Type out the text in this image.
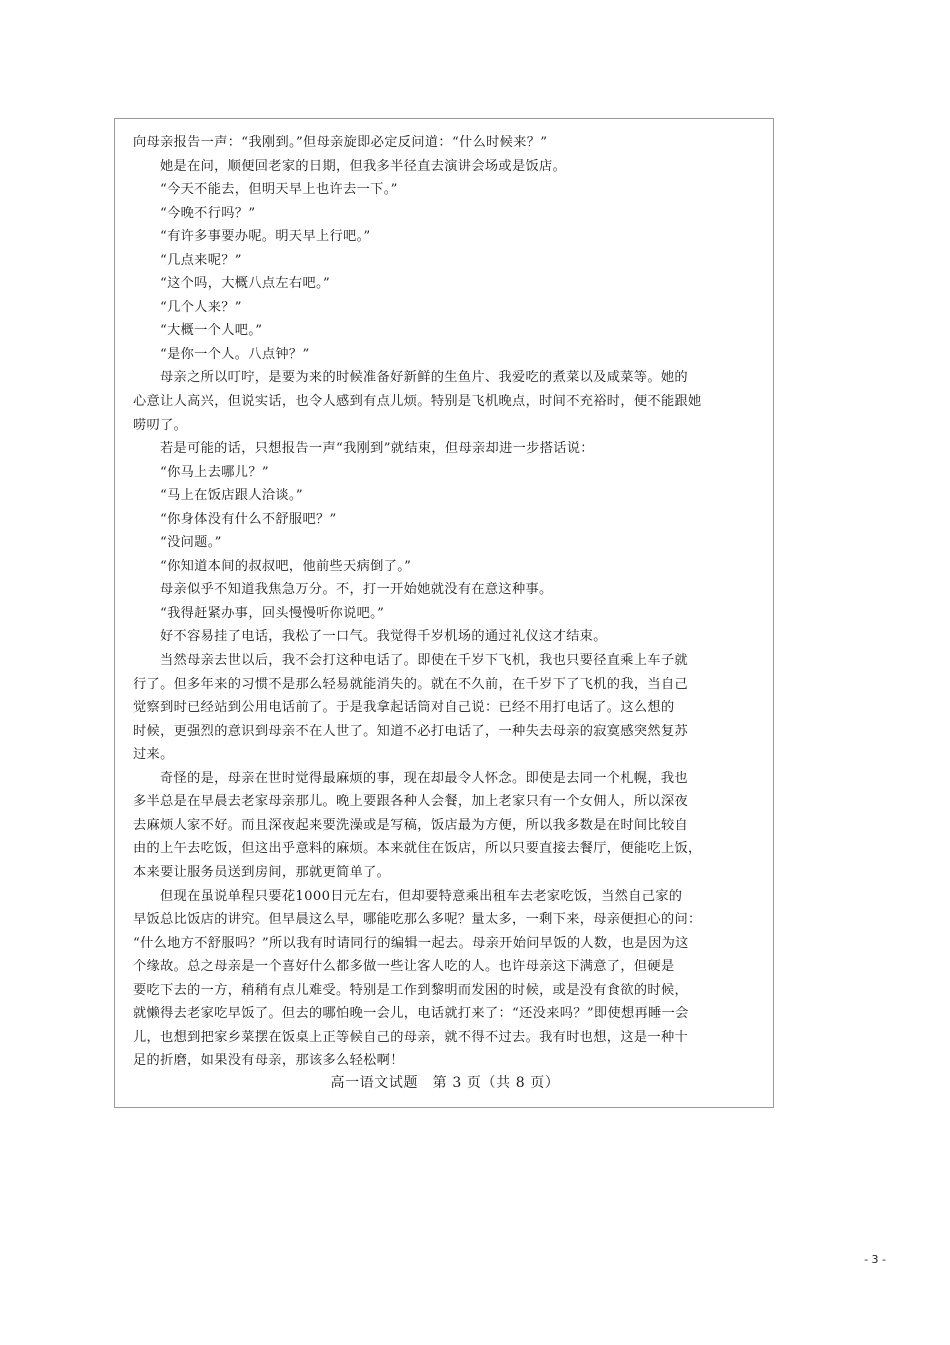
向母亲报告一声：“我刚到。”但母亲旋即必定反问道：“什么时候来？”
她是在问，顺便回老家的日期，但我多半径直去演讲会场或是饭店。
“今天不能去，但明天早上也许去一下。”
“今晚不行吗？”
“有许多事要办呢。明天早上行吧。”
“几点来呢？”
“这个吗，大概八点左右吧。”
“几个人来？”
“大概一个人吧。”
“是你一个人。八点钟？”
母亲之所以叮咛，是要为来的时候准备好新鲜的生鱼片、我爱吃的煮菜以及咸菜等。她的
心意让人高兴，但说实话，也令人感到有点儿烦。特别是飞机晚点，时间不充裕时，便不能跟她
唠叨了。
若是可能的话，只想报告一声“我刚到”就结束，但母亲却进一步搭话说：
“你马上去哪儿？”
“马上在饭店跟人洽谈。”
“你身体没有什么不舒服吧？”
“没问题。”
“你知道本间的叔叔吧，他前些天病倒了。”
母亲似乎不知道我焦急万分。不，打一开始她就没有在意这种事。
“我得赶紧办事，回头慢慢听你说吧。”
好不容易挂了电话，我松了一口气。我觉得千岁机场的通过礼仪这才结束。
当然母亲去世以后，我不会打这种电话了。即使在千岁下飞机，我也只要径直乘上车子就
行了。但多年来的习惯不是那么轻易就能消失的。就在不久前，在千岁下了飞机的我，当自己
觉察到时已经站到公用电话前了。于是我拿起话筒对自己说：已经不用打电话了。这么想的
时候，更强烈的意识到母亲不在人世了。知道不必打电话了，一种失去母亲的寂寞感突然复苏
过来。
奇怪的是，母亲在世时觉得最麻烦的事，现在却最令人怀念。即使是去同一个札幌，我也
多半总是在早晨去老家母亲那儿。晚上要跟各种人会餐，加上老家只有一个女佣人，所以深夜
去麻烦人家不好。而且深夜起来要洗澡或是写稿，饭店最为方便，所以我多数是在时间比较自
由的上午去吃饭，但这出乎意料的麻烦。本来就住在饭店，所以只要直接去餐厅，便能吃上饭，
本来要让服务员送到房间，那就更简单了。
但现在虽说单程只要花1000日元左右，但却要特意乘出租车去老家吃饭，当然自己家的
早饭总比饭店的讲究。但早晨这么早，哪能吃那么多呢？量太多，一剩下来，母亲便担心的问：
“什么地方不舒服吗？”所以我有时请同行的编辑一起去。母亲开始问早饭的人数，也是因为这
个缘故。总之母亲是一个喜好什么都多做一些让客人吃的人。也许母亲这下满意了，但硬是
要吃下去的一方，稍稍有点儿难受。特别是工作到黎明而发困的时候，或是没有食欲的时候，
就懒得去老家吃早饭了。但去的哪怕晚一会儿，电话就打来了：“还没来吗？”即使想再睡一会
儿，也想到把家乡菜摆在饭桌上正等候自己的母亲，就不得不过去。我有时也想，这是一种十
足的折磨，如果没有母亲，那该多么轻松啊！
高一语文试题　第 3 页（共 8 页）
- 3 -
